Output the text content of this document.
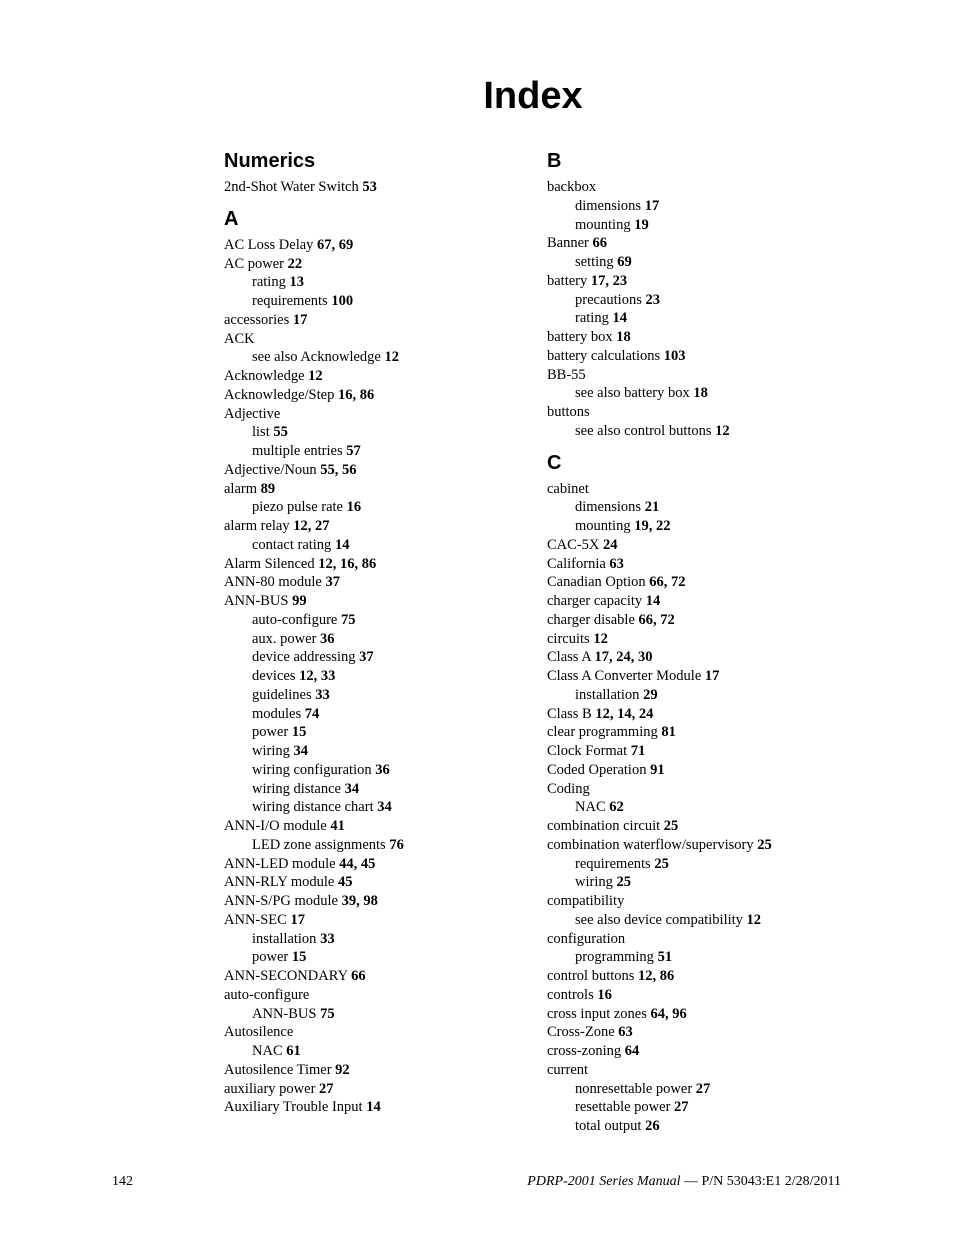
Index
Numerics
2nd-Shot Water Switch 53
A
AC Loss Delay 67, 69
AC power 22
rating 13
requirements 100
accessories 17
ACK
see also Acknowledge 12
Acknowledge 12
Acknowledge/Step 16, 86
Adjective
list 55
multiple entries 57
Adjective/Noun 55, 56
alarm 89
piezo pulse rate 16
alarm relay 12, 27
contact rating 14
Alarm Silenced 12, 16, 86
ANN-80 module 37
ANN-BUS 99
auto-configure 75
aux. power 36
device addressing 37
devices 12, 33
guidelines 33
modules 74
power 15
wiring 34
wiring configuration 36
wiring distance 34
wiring distance chart 34
ANN-I/O module 41
LED zone assignments 76
ANN-LED module 44, 45
ANN-RLY module 45
ANN-S/PG module 39, 98
ANN-SEC 17
installation 33
power 15
ANN-SECONDARY 66
auto-configure
ANN-BUS 75
Autosilence
NAC 61
Autosilence Timer 92
auxiliary power 27
Auxiliary Trouble Input 14
B
backbox
dimensions 17
mounting 19
Banner 66
setting 69
battery 17, 23
precautions 23
rating 14
battery box 18
battery calculations 103
BB-55
see also battery box 18
buttons
see also control buttons 12
C
cabinet
dimensions 21
mounting 19, 22
CAC-5X 24
California 63
Canadian Option 66, 72
charger capacity 14
charger disable 66, 72
circuits 12
Class A 17, 24, 30
Class A Converter Module 17
installation 29
Class B 12, 14, 24
clear programming 81
Clock Format 71
Coded Operation 91
Coding
NAC 62
combination circuit 25
combination waterflow/supervisory 25
requirements 25
wiring 25
compatibility
see also device compatibility 12
configuration
programming 51
control buttons 12, 86
controls 16
cross input zones 64, 96
Cross-Zone 63
cross-zoning 64
current
nonresettable power 27
resettable power 27
total output 26
142	PDRP-2001 Series Manual — P/N 53043:E1 2/28/2011
